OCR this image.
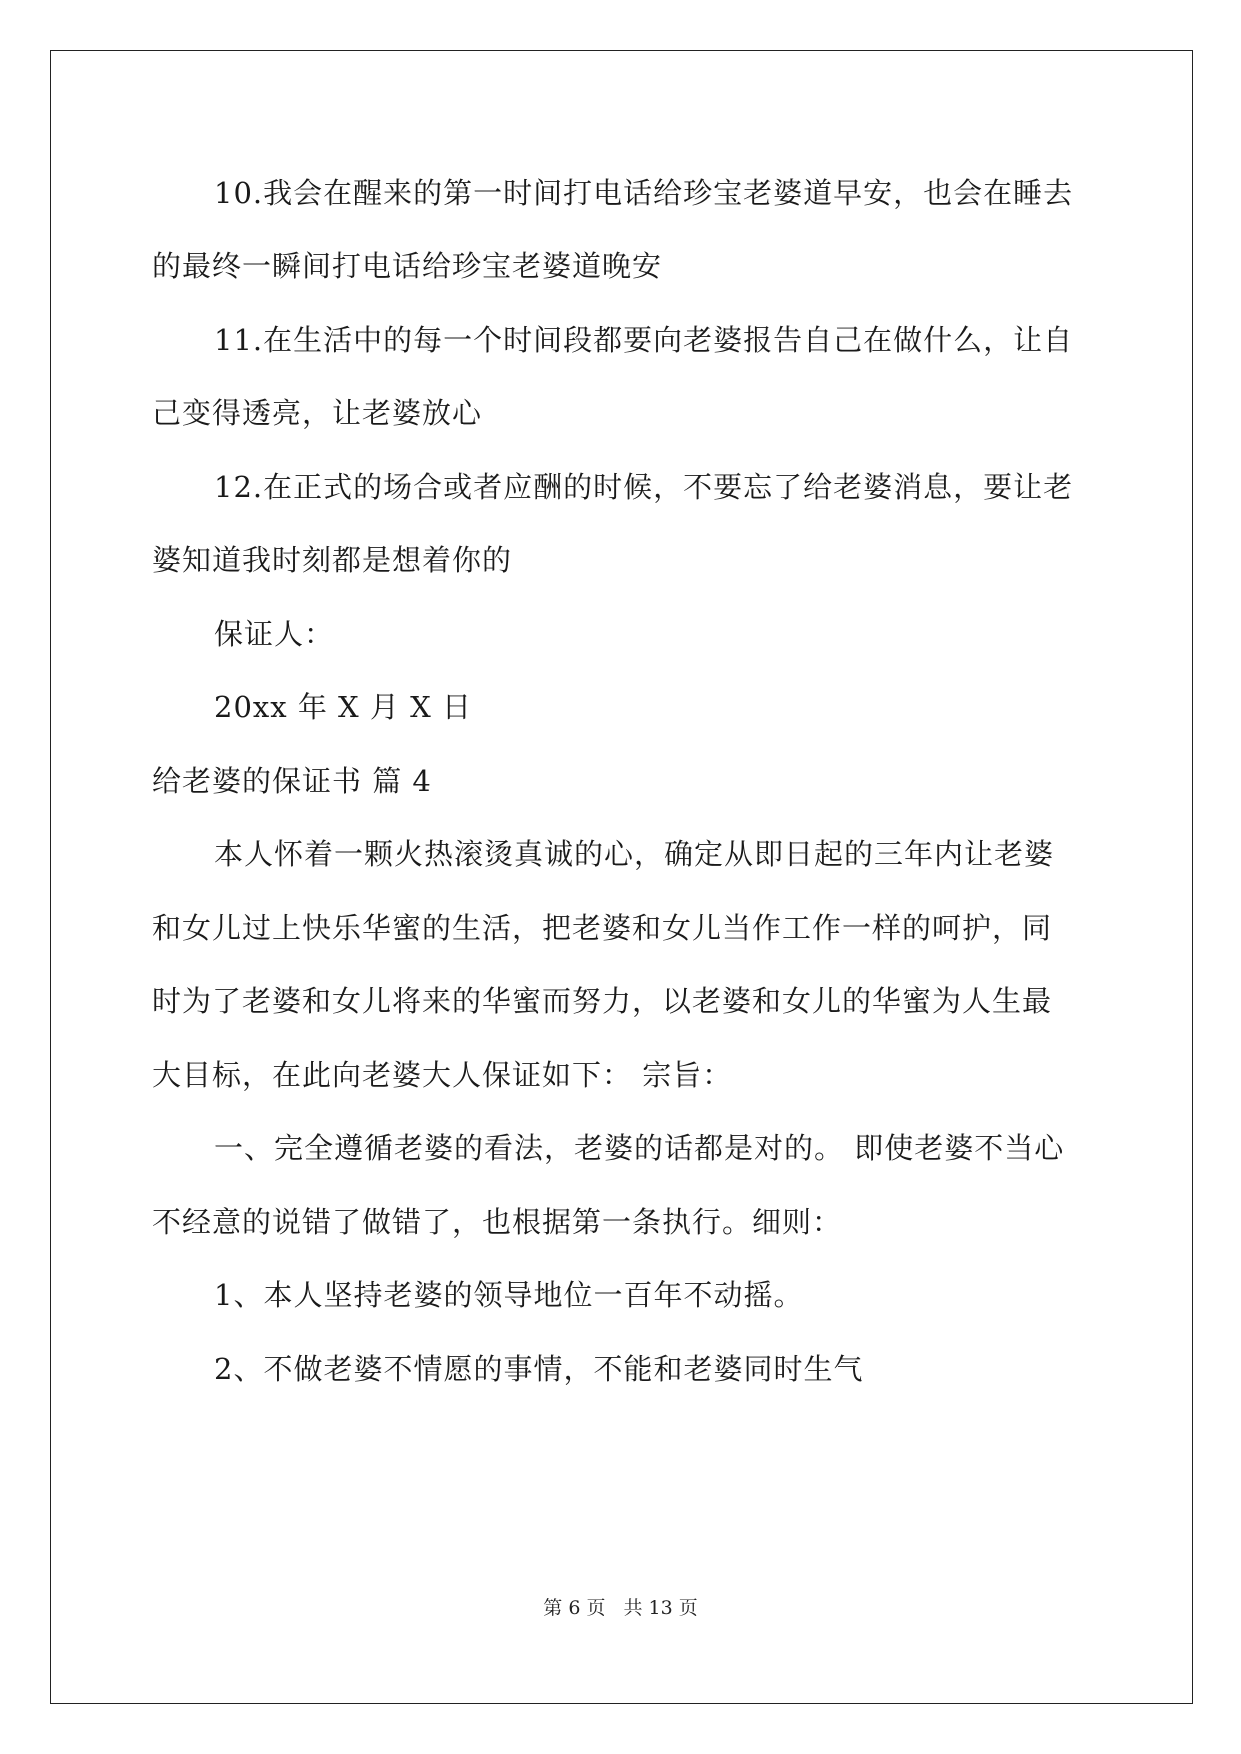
10.我会在醒来的第一时间打电话给珍宝老婆道早安，也会在睡去
的最终一瞬间打电话给珍宝老婆道晚安
11.在生活中的每一个时间段都要向老婆报告自己在做什么，让自
己变得透亮，让老婆放心
12.在正式的场合或者应酬的时候，不要忘了给老婆消息，要让老
婆知道我时刻都是想着你的
保证人：
20xx 年 X 月 X 日
给老婆的保证书 篇 4
本人怀着一颗火热滚烫真诚的心，确定从即日起的三年内让老婆
和女儿过上快乐华蜜的生活，把老婆和女儿当作工作一样的呵护，同
时为了老婆和女儿将来的华蜜而努力，以老婆和女儿的华蜜为人生最
大目标，在此向老婆大人保证如下： 宗旨：
一、完全遵循老婆的看法，老婆的话都是对的。 即使老婆不当心
不经意的说错了做错了，也根据第一条执行。细则：
1、本人坚持老婆的领导地位一百年不动摇。
2、不做老婆不情愿的事情，不能和老婆同时生气
第 6 页 共 13 页
